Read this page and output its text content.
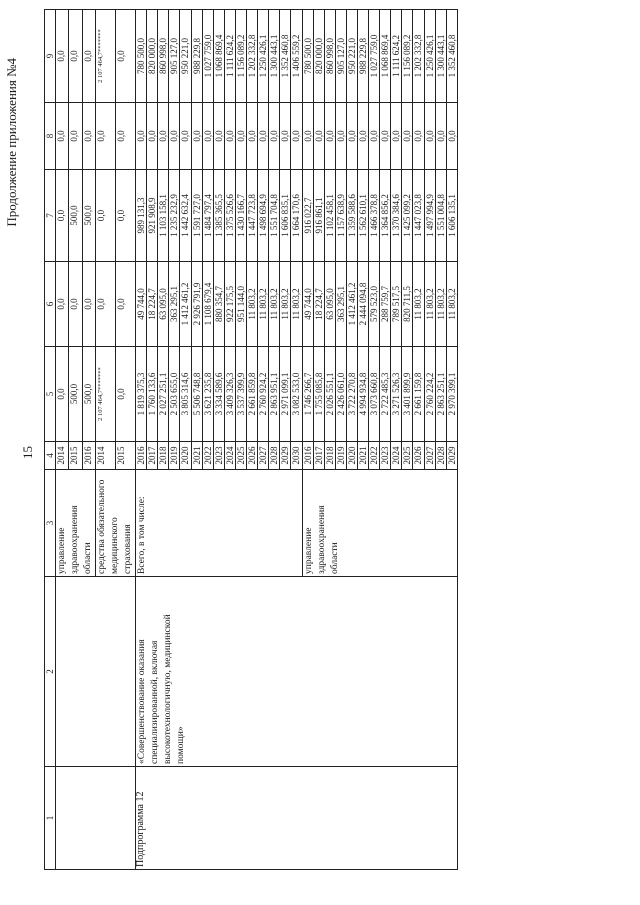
15
Продолжение приложения №4
1	2	3	4	5	6	7	8	9
		управление здравоохранения области	2014	0,0	0,0	0,0	0,0	0,0
			2015	500,0	0,0	500,0	0,0	0,0
			2016	500,0	0,0	500,0	0,0	0,0
		средства обязательного медицинского страхования	2014	2 107 464,7*******	0,0	0,0	0,0	2 107 464,7*******
			2015	0,0	0,0	0,0	0,0	0,0
Подпрограмма 12	«Совершенствование оказания специализированной, включая высокотехнологичную, медицинской помощи»	Всего, в том числе:	2016	1 819 375,3	49 744,0	989 131,3	0,0	780 500,0
			2017	1 760 133,6	18 224,7	921 908,9	0,0	820 000,0
			2018	2 027 251,1	63 095,0	1 103 158,1	0,0	860 998,0
			2019	2 503 655,0	363 295,1	1 235 232,9	0,0	905 127,0
			2020	3 805 314,6	1 412 461,2	1 442 632,4	0,0	950 221,0
			2021	5 506 748,8	2 926 791,9	1 591 727,0	0,0	988 229,8
			2022	3 621 235,8	1 108 679,4	1 484 797,4	0,0	1 027 759,0
			2023	3 334 589,6	880 354,7	1 385 365,5	0,0	1 068 869,4
			2024	3 409 326,3	922 175,5	1 375 526,6	0,0	1 111 624,2
			2025	3 537 399,9	951 144,0	1 430 166,7	0,0	1 156 089,2
			2026	2 661 859,8	11 803,2	1 447 723,8	0,0	1 202 332,8
			2027	2 760 924,2	11 803,2	1 498 694,9	0,0	1 250 426,1
			2028	2 863 951,1	11 803,2	1 551 704,8	0,0	1 300 443,1
			2029	2 971 099,1	11 803,2	1 606 835,1	0,0	1 352 460,8
			2030	3 082 533,0	11 803,2	1 664 170,6	0,0	1 406 559,2
		управление здравоохранения области	2016	1 746 266,7	49 744,0	916 022,7	0,0	780 500,0
			2017	1 755 085,8	18 224,7	916 861,1	0,0	820 000,0
			2018	2 026 551,1	63 095,0	1 102 458,1	0,0	860 998,0
			2019	2 426 061,0	363 295,1	1 157 638,9	0,0	905 127,0
			2020	3 722 270,8	1 412 461,2	1 359 588,6	0,0	950 221,0
			2021	4 994 934,8	2 444 094,8	1 562 610,1	0,0	988 229,8
			2022	3 073 660,8	579 523,0	1 466 378,8	0,0	1 027 759,0
			2023	2 722 485,3	288 759,7	1 364 856,2	0,0	1 068 869,4
			2024	3 271 526,3	789 517,5	1 370 384,6	0,0	1 111 624,2
			2025	3 401 899,9	820 711,5	1 425 099,2	0,0	1 156 089,2
			2026	2 661 159,8	11 803,2	1 447 023,8	0,0	1 202 332,8
			2027	2 760 224,2	11 803,2	1 497 994,9	0,0	1 250 426,1
			2028	2 863 251,1	11 803,2	1 551 004,8	0,0	1 300 443,1
			2029	2 970 399,1	11 803,2	1 606 135,1	0,0	1 352 460,8
